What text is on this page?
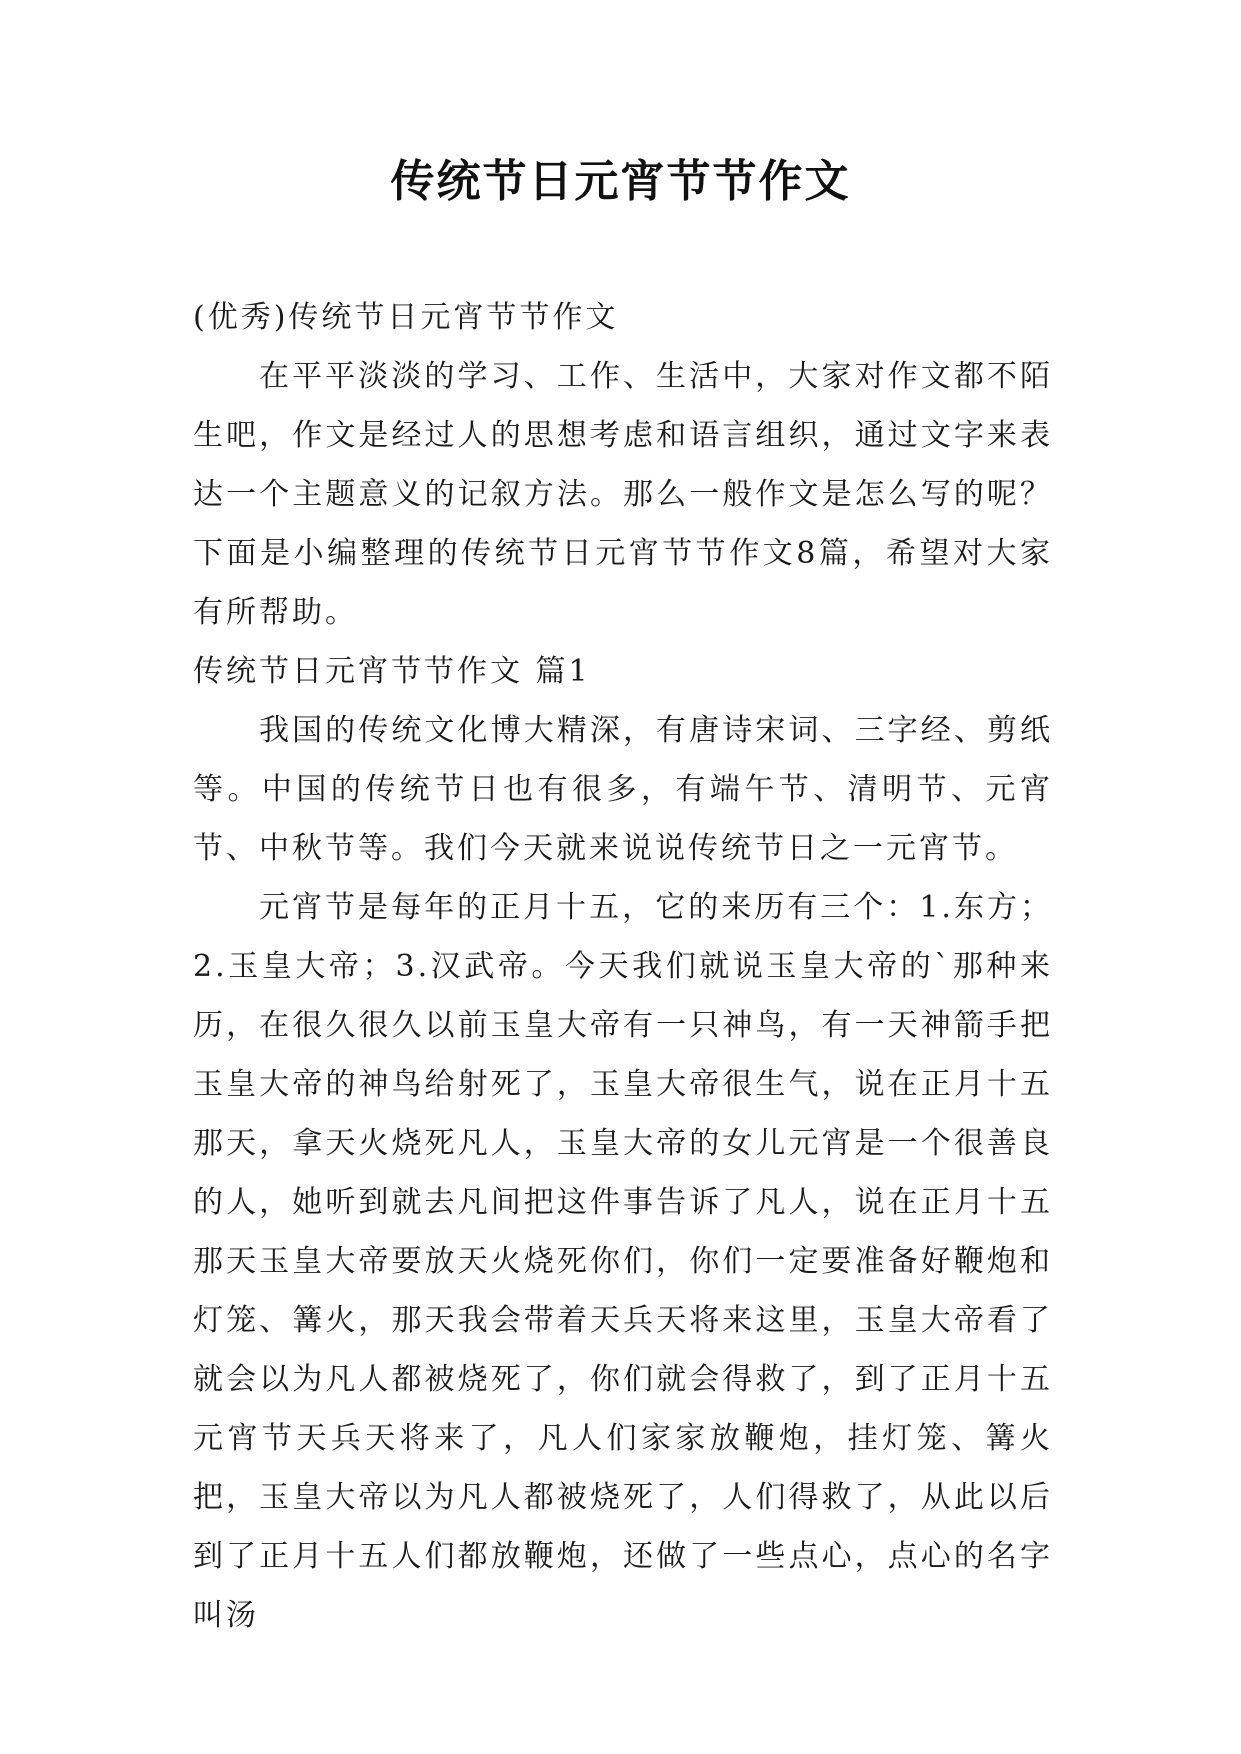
传统节日元宵节节作文

(优秀)传统节日元宵节节作文

在平平淡淡的学习、工作、生活中，大家对作文都不陌生吧，作文是经过人的思想考虑和语言组织，通过文字来表达一个主题意义的记叙方法。那么一般作文是怎么写的呢？下面是小编整理的传统节日元宵节节作文8篇，希望对大家有所帮助。

传统节日元宵节节作文 篇1

我国的传统文化博大精深，有唐诗宋词、三字经、剪纸等。中国的传统节日也有很多，有端午节、清明节、元宵节、中秋节等。我们今天就来说说传统节日之一元宵节。

元宵节是每年的正月十五，它的来历有三个：1.东方；2.玉皇大帝；3.汉武帝。今天我们就说玉皇大帝的`那种来历，在很久很久以前玉皇大帝有一只神鸟，有一天神箭手把玉皇大帝的神鸟给射死了，玉皇大帝很生气，说在正月十五那天，拿天火烧死凡人，玉皇大帝的女儿元宵是一个很善良的人，她听到就去凡间把这件事告诉了凡人，说在正月十五那天玉皇大帝要放天火烧死你们，你们一定要准备好鞭炮和灯笼、篝火，那天我会带着天兵天将来这里，玉皇大帝看了就会以为凡人都被烧死了，你们就会得救了，到了正月十五元宵节天兵天将来了，凡人们家家放鞭炮，挂灯笼、篝火把，玉皇大帝以为凡人都被烧死了，人们得救了，从此以后到了正月十五人们都放鞭炮，还做了一些点心，点心的名字叫汤
